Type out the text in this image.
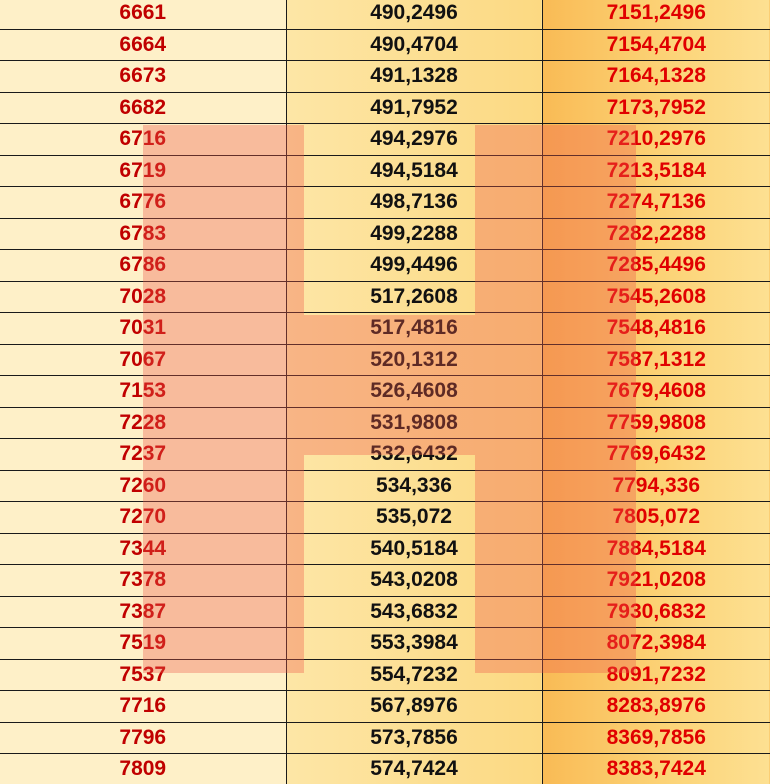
6661	490,2496	7151,2496
6664	490,4704	7154,4704
6673	491,1328	7164,1328
6682	491,7952	7173,7952
6716	494,2976	7210,2976
6719	494,5184	7213,5184
6776	498,7136	7274,7136
6783	499,2288	7282,2288
6786	499,4496	7285,4496
7028	517,2608	7545,2608
7031	517,4816	7548,4816
7067	520,1312	7587,1312
7153	526,4608	7679,4608
7228	531,9808	7759,9808
7237	532,6432	7769,6432
7260	534,336	7794,336
7270	535,072	7805,072
7344	540,5184	7884,5184
7378	543,0208	7921,0208
7387	543,6832	7930,6832
7519	553,3984	8072,3984
7537	554,7232	8091,7232
7716	567,8976	8283,8976
7796	573,7856	8369,7856
7809	574,7424	8383,7424
